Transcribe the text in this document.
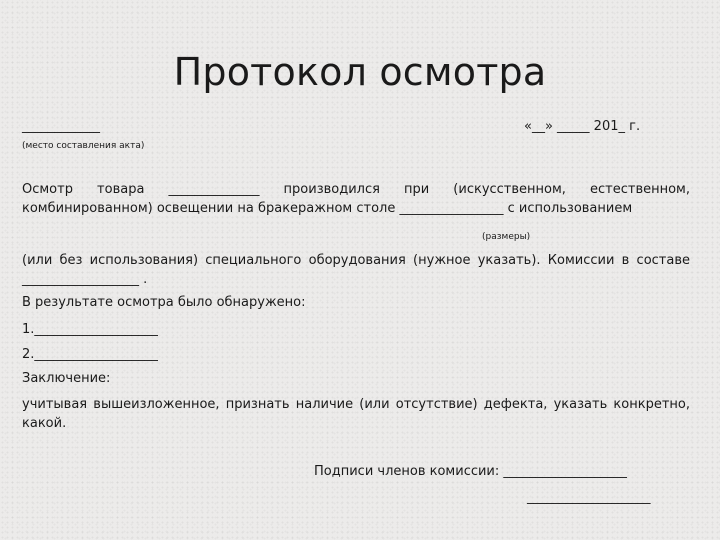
Протокол осмотра
____________	«__» _____ 201_ г.
(место составления акта)
Осмотр товара ______________ производился при (искусственном, естественном, комбинированном) освещении на бракеражном столе ________________ с использованием
(размеры)
(или без использования) специального оборудования (нужное указать). Комиссии в составе __________________ .
В результате осмотра было обнаружено:
1.___________________
2.___________________
Заключение:
учитывая вышеизложенное, признать наличие (или отсутствие) дефекта, указать конкретно, какой.
Подписи членов комиссии: ___________________
___________________
